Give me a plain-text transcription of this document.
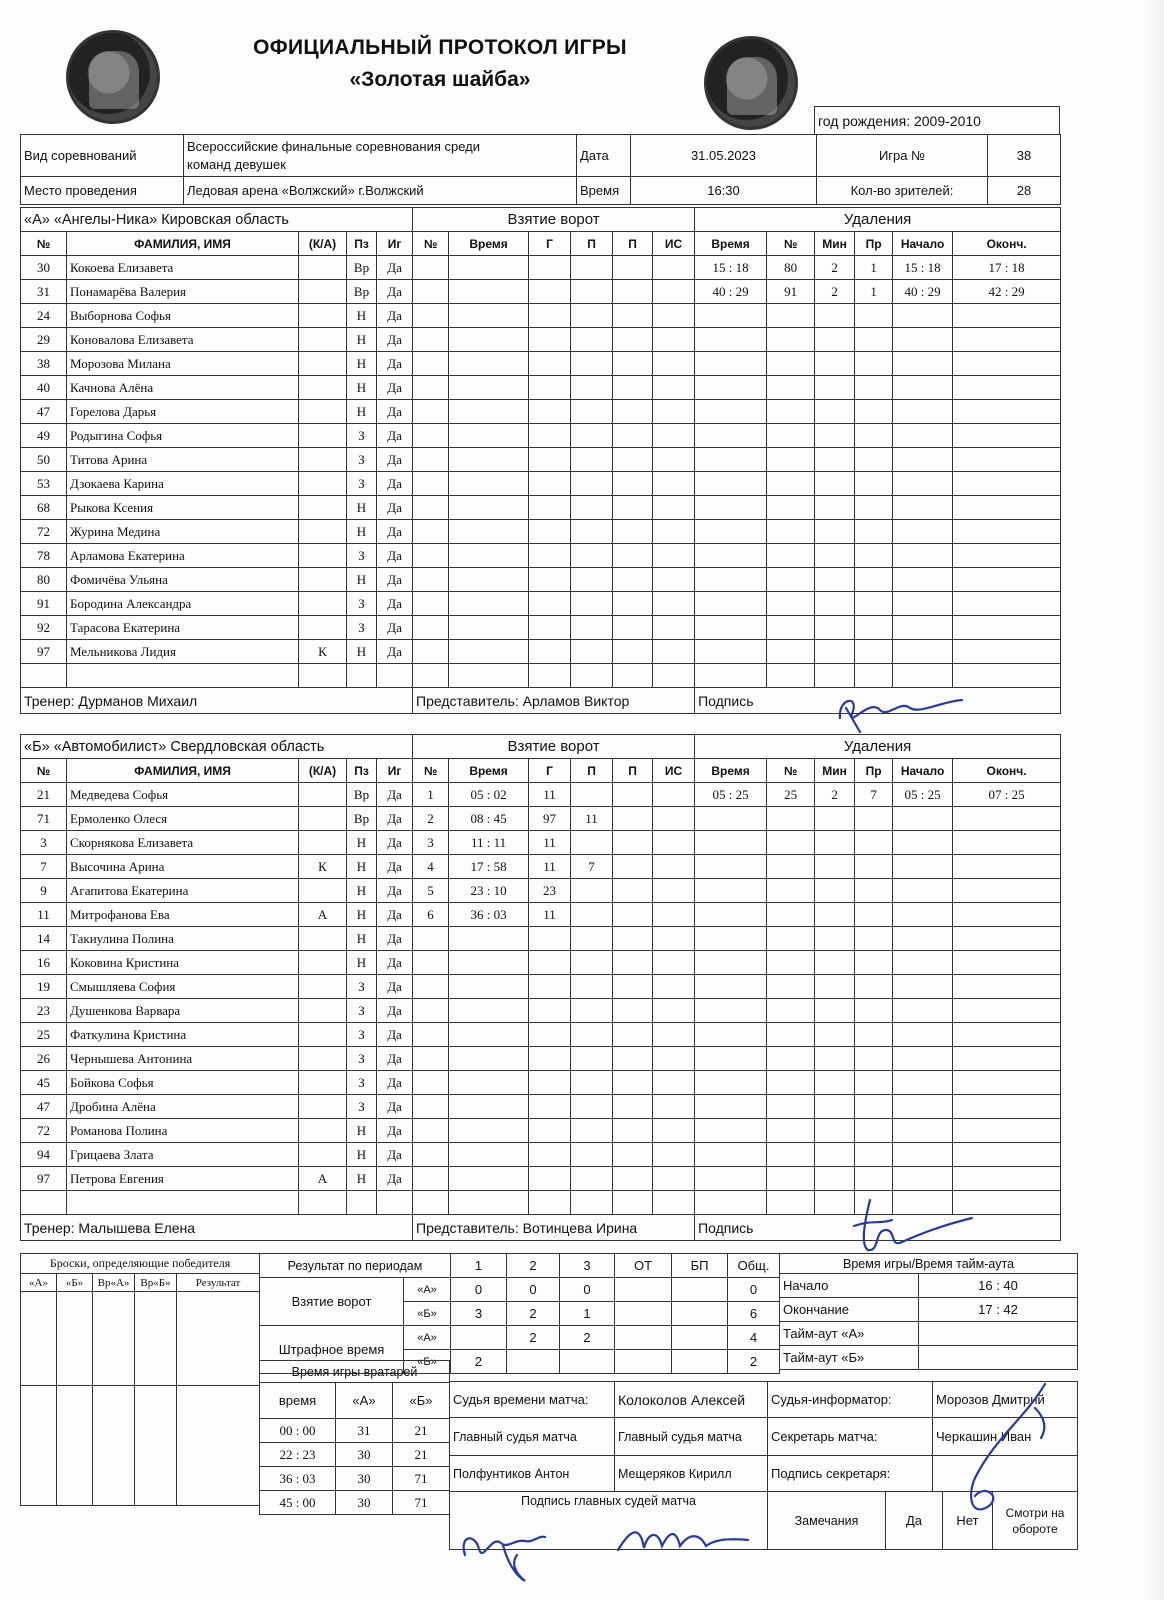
ОФИЦИАЛЬНЫЙ ПРОТОКОЛ ИГРЫ
«Золотая шайба»
год рождения: 2009-2010
Вид соревнований	Всероссийские финальные соревнования среди
команд девушек	Дата	31.05.2023	Игра №	38
Место проведения	Ледовая арена «Волжский» г.Волжский	Время	16:30	Кол-во зрителей:	28
«А» «Ангелы-Ника» Кировская область					Взятие ворот						Удаления					
№	ФАМИЛИЯ, ИМЯ	(К/А)	Пз	Иг	№	Время	Г	П	П	ИС	Время	№	Мин	Пр	Начало	Оконч.
30	Кокоева Елизавета		Вр	Да							15 : 18	80	2	1	15 : 18	17 : 18
31	Понамарёва Валерия		Вр	Да							40 : 29	91	2	1	40 : 29	42 : 29
24	Выборнова Софья		Н	Да												
29	Коновалова Елизавета		Н	Да												
38	Морозова Милана		Н	Да												
40	Качнова Алёна		Н	Да												
47	Горелова Дарья		Н	Да												
49	Родыгина Софья		З	Да												
50	Титова Арина		З	Да												
53	Дзокаева Карина		З	Да												
68	Рыкова Ксения		Н	Да												
72	Журина Медина		Н	Да												
78	Арламова Екатерина		З	Да												
80	Фомичёва Ульяна		Н	Да												
91	Бородина Александра		З	Да												
92	Тарасова Екатерина		З	Да												
97	Мельникова Лидия	К	Н	Да												

Тренер: Дурманов Михаил					Представитель: Арламов Виктор						Подпись					
«Б» «Автомобилист» Свердловская область					Взятие ворот						Удаления					
№	ФАМИЛИЯ, ИМЯ	(К/А)	Пз	Иг	№	Время	Г	П	П	ИС	Время	№	Мин	Пр	Начало	Оконч.
21	Медведева Софья		Вр	Да	1	05 : 02	11				05 : 25	25	2	7	05 : 25	07 : 25
71	Ермоленко Олеся		Вр	Да	2	08 : 45	97	11								
3	Скорнякова Елизавета		Н	Да	3	11 : 11	11									
7	Высочина Арина	К	Н	Да	4	17 : 58	11	7								
9	Агапитова Екатерина		Н	Да	5	23 : 10	23									
11	Митрофанова Ева	А	Н	Да	6	36 : 03	11									
14	Такиулина Полина		Н	Да												
16	Коковина Кристина		Н	Да												
19	Смышляева София		З	Да												
23	Душенкова Варвара		З	Да												
25	Фаткулина Кристина		З	Да												
26	Чернышева Антонина		З	Да												
45	Бойкова Софья		З	Да												
47	Дробина Алёна		З	Да												
72	Романова Полина		Н	Да												
94	Грицаева Злата		Н	Да												
97	Петрова Евгения	А	Н	Да												

Тренер: Малышева Елена					Представитель: Вотинцева Ирина						Подпись					
Броски, определяющие победителя				
«А»	«Б»	Вр«А»	Вр«Б»	Результат

Результат по периодам		1	2	3	ОТ	БП	Общ.
Взятие ворот	«А»	0	0	0			0
	«Б»	3	2	1			6
Штрафное время	«А»		2	2			4
	«Б»	2					2
Время игры/Время тайм-аута	
Начало	16 : 40
Окончание	17 : 42
Тайм-аут «А»	
Тайм-аут «Б»	
Время игры вратарей		
время	«А»	«Б»
00 : 00	31	21
22 : 23	30	21
36 : 03	30	71
45 : 00	30	71
Судья времени матча:	Колоколов Алексей	Судья-информатор:	Морозов Дмитрий
Главный судья матча	Главный судья матча	Секретарь матча:	Черкашин Иван
Полфунтиков Антон	Мещеряков Кирилл	Подпись секретаря:	
Подпись главных судей матча	Замечания	Да	Нет	Смотри на обороте
